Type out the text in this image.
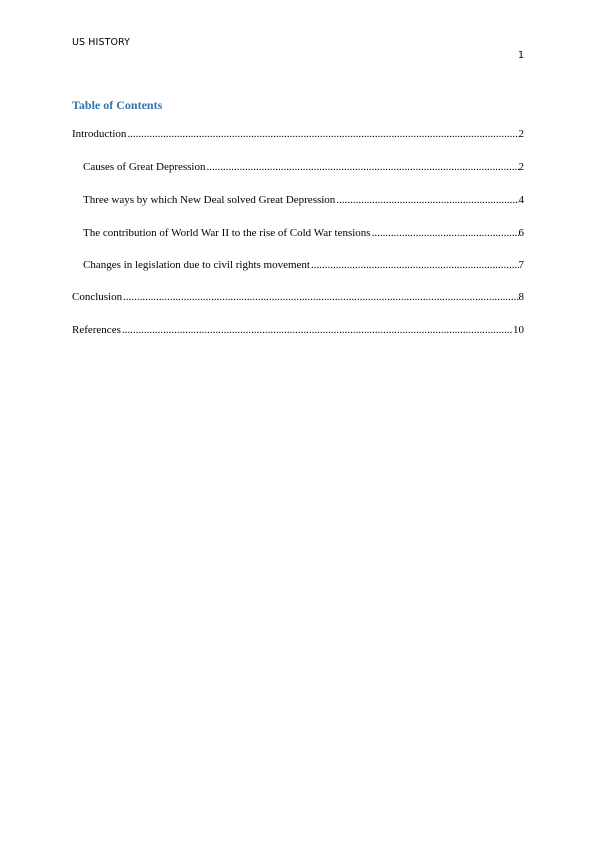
US HISTORY
1
Table of Contents
Introduction .....	2
Causes of Great Depression .....	2
Three ways by which New Deal solved Great Depression .....	4
The contribution of World War II to the rise of Cold War tensions .....	6
Changes in legislation due to civil rights movement .....	7
Conclusion .....	8
References .....	10
